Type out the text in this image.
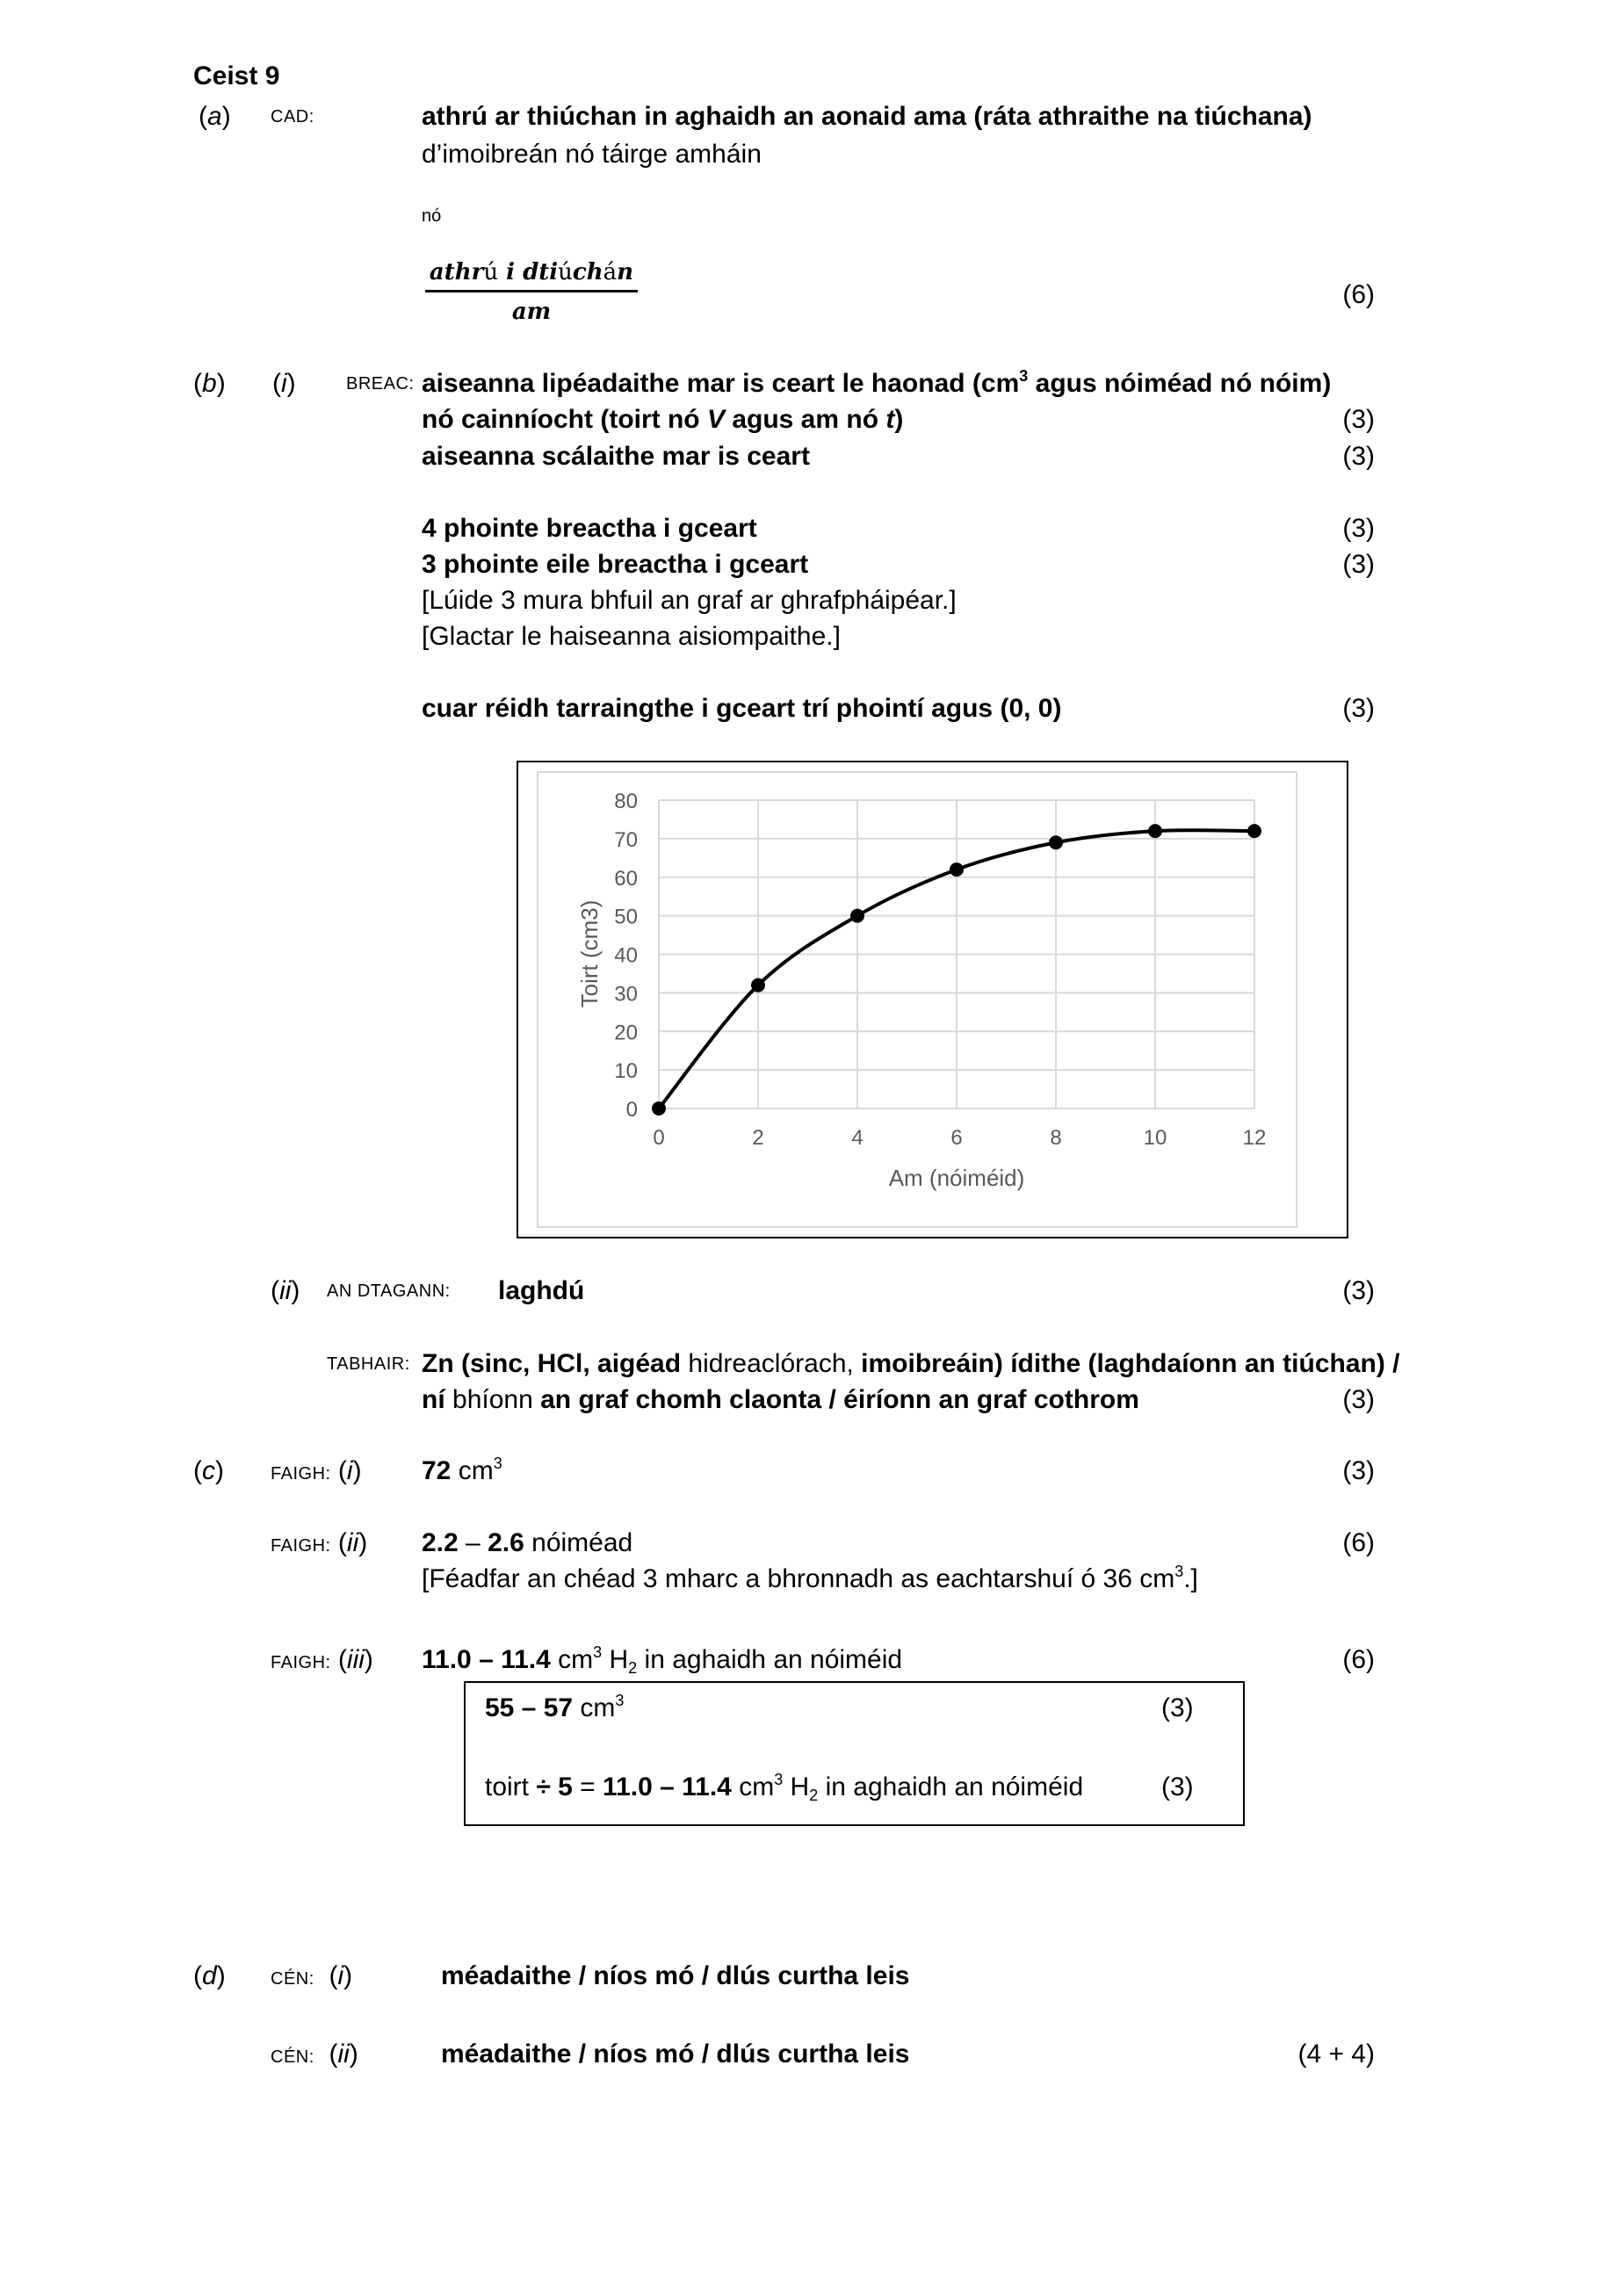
Ceist 9
(a) CAD:	athrú ar thiúchan in aghaidh an aonaid ama (ráta athraithe na tiúchana)
d’imoibreán nó táirge amháin
nó
athrú i dtiúchán
am
(6)
(b) (i)	BREAC: aiseanna lipéadaithe mar is ceart le haonad ($cm^3$ agus nóiméad nó nóim)
nó cainníocht (toirt nó V agus am nó t)	(3)
aiseanna scálaithe mar is ceart	(3)
4 phointe breactha i gceart	(3)
3 phointe eile breactha i gceart	(3)
[Lúide 3 mura bhfuil an graf ar ghrafpháipéar.]
[Glactar le haiseanna aisiompaithe.]
cuar réidh tarraingthe i gceart trí phointí agus (0, 0)	(3)
0
10
20
30
40
50
60
70
80
0	2	4	6	8	10	12
Am (nóiméid)
Toirt (cm3)
(ii) AN DTAGANN: laghdú	(3)
TABHAIR: Zn (sinc, HCl, aigéad hidreaclórach, imoibreáin) ídithe (laghdaíonn an tiúchan) /
ní bhíonn an graf chomh claonta / éiríonn an graf cothrom	(3)
(c)	FAIGH: (i) 72 $cm^3$	(3)
FAIGH: (ii) 2.2 – 2.6 nóiméad	(6)
[Féadfar an chéad 3 mharc a bhronnadh as eachtarshuí ó 36 $cm^3$.]
FAIGH: (iii) 11.0 – 11.4 $cm^3$ $H_2$ in aghaidh an nóiméid	(6)
55 – 57 $cm^3$	(3)
toirt ÷ 5 = 11.0 – 11.4 $cm^3$ $H_2$ in aghaidh an nóiméid	(3)
(d)	CÉN:  (i)	méadaithe / níos mó / dlús curtha leis
CÉN:  (ii)	méadaithe / níos mó / dlús curtha leis	(4 + 4)
